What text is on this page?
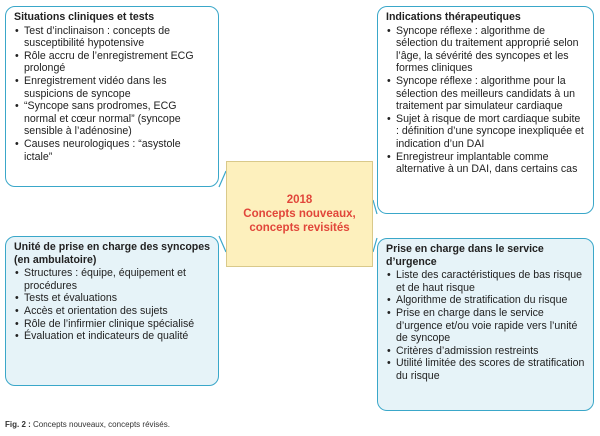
Situations cliniques et tests
• Test d’inclinaison : concepts de susceptibilité hypotensive
• Rôle accru de l’enregistrement ECG prolongé
• Enregistrement vidéo dans les suspicions de syncope
• “Syncope sans prodromes, ECG normal et cœur normal” (syncope sensible à l’adénosine)
• Causes neurologiques : “asystole ictale”
Indications thérapeutiques
• Syncope réflexe : algorithme de sélection du traitement approprié selon l’âge, la sévérité des syncopes et les formes cliniques
• Syncope réflexe : algorithme pour la sélection des meilleurs candidats à un traitement par simulateur cardiaque
• Sujet à risque de mort cardiaque subite : définition d’une syncope inexpliquée et indication d’un DAI
• Enregistreur implantable comme alternative à un DAI, dans certains cas
2018
Concepts nouveaux,
concepts revisités
Unité de prise en charge des syncopes (en ambulatoire)
• Structures : équipe, équipement et procédures
• Tests et évaluations
• Accès et orientation des sujets
• Rôle de l’infirmier clinique spécialisé
• Évaluation et indicateurs de qualité
Prise en charge dans le service d’urgence
• Liste des caractéristiques de bas risque et de haut risque
• Algorithme de stratification du risque
• Prise en charge dans le service d’urgence et/ou voie rapide vers l’unité de syncope
• Critères d’admission restreints
• Utilité limitée des scores de stratification du risque
Fig. 2 : Concepts nouveaux, concepts révisés.
